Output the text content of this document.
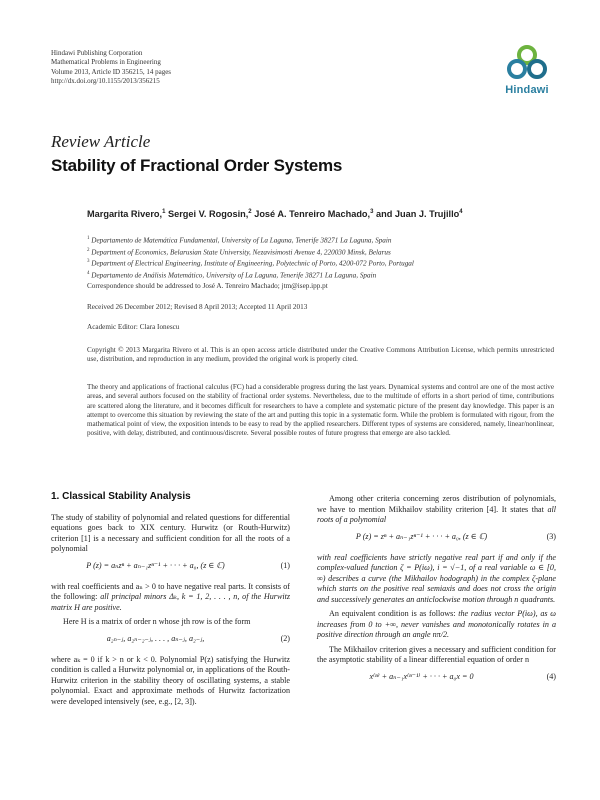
Hindawi Publishing Corporation
Mathematical Problems in Engineering
Volume 2013, Article ID 356215, 14 pages
http://dx.doi.org/10.1155/2013/356215
Hindawi
Review Article
Stability of Fractional Order Systems
Margarita Rivero,$^1$ Sergei V. Rogosin,$^2$ José A. Tenreiro Machado,$^3$ and Juan J. Trujillo$^4$
$^1$ Departamento de Matemática Fundamental, University of La Laguna, Tenerife 38271 La Laguna, Spain
$^2$ Department of Economics, Belarusian State University, Nezavisimosti Avenue 4, 220030 Minsk, Belarus
$^3$ Department of Electrical Engineering, Institute of Engineering, Polytechnic of Porto, 4200-072 Porto, Portugal
$^4$ Departamento de Análisis Matemático, University of La Laguna, Tenerife 38271 La Laguna, Spain
Correspondence should be addressed to José A. Tenreiro Machado; jtm@isep.ipp.pt
Received 26 December 2012; Revised 8 April 2013; Accepted 11 April 2013
Academic Editor: Clara Ionescu
Copyright © 2013 Margarita Rivero et al. This is an open access article distributed under the Creative Commons Attribution License, which permits unrestricted use, distribution, and reproduction in any medium, provided the original work is properly cited.
The theory and applications of fractional calculus (FC) had a considerable progress during the last years. Dynamical systems and control are one of the most active areas, and several authors focused on the stability of fractional order systems. Nevertheless, due to the multitude of efforts in a short period of time, contributions are scattered along the literature, and it becomes difficult for researchers to have a complete and systematic picture of the present day knowledge. This paper is an attempt to overcome this situation by reviewing the state of the art and putting this topic in a systematic form. While the problem is formulated with rigour, from the mathematical point of view, the exposition intends to be easy to read by the applied researchers. Different types of systems are considered, namely, linear/nonlinear, positive, with delay, distributed, and continuous/discrete. Several possible routes of future progress that emerge are also tackled.
1. Classical Stability Analysis

The study of stability of polynomial and related questions for differential equations goes back to XIX century. Hurwitz (or Routh-Hurwitz) criterion [1] is a necessary and sufficient condition for all the roots of a polynomial

P (z) = aₙzⁿ + aₙ₋₁zⁿ⁻¹ + · · · + a₀, (z ∈ ℂ)	(1)

with real coefficients and aₙ > 0 to have negative real parts. It consists of the following: all principal minors Δₖ, k = 1, 2, . . . , n, of the Hurwitz matrix H are positive.

Here H is a matrix of order n whose jth row is of the form

a₂ₙ₋ⱼ, a₂ₙ₋₂₋ⱼ, . . . , aₙ₋ⱼ, a₂₋ⱼ,	(2)

where aₖ = 0 if k > n or k < 0. Polynomial P(z) satisfying the Hurwitz condition is called a Hurwitz polynomial or, in applications of the Routh-Hurwitz criterion in the stability theory of oscillating systems, a stable polynomial. Exact and approximate methods of Hurwitz factorization were developed intensively (see, e.g., [2, 3]).

Among other criteria concerning zeros distribution of polynomials, we have to mention Mikhailov stability criterion [4]. It states that all roots of a polynomial

P (z) = zⁿ + aₙ₋₁zⁿ⁻¹ + · · · + a₀, (z ∈ ℂ)	(3)

with real coefficients have strictly negative real part if and only if the complex-valued function ζ = P(iω), i = √−1, of a real variable ω ∈ [0, ∞) describes a curve (the Mikhailov hodograph) in the complex ζ-plane which starts on the positive real semiaxis and does not cross the origin and successively generates an anticlockwise motion through n quadrants.

An equivalent condition is as follows: the radius vector P(iω), as ω increases from 0 to +∞, never vanishes and monotonically rotates in a positive direction through an angle nπ/2.

The Mikhailov criterion gives a necessary and sufficient condition for the asymptotic stability of a linear differential equation of order n

x⁽ⁿ⁾ + aₙ₋₁x⁽ⁿ⁻¹⁾ + · · · + a₀x = 0	(4)
